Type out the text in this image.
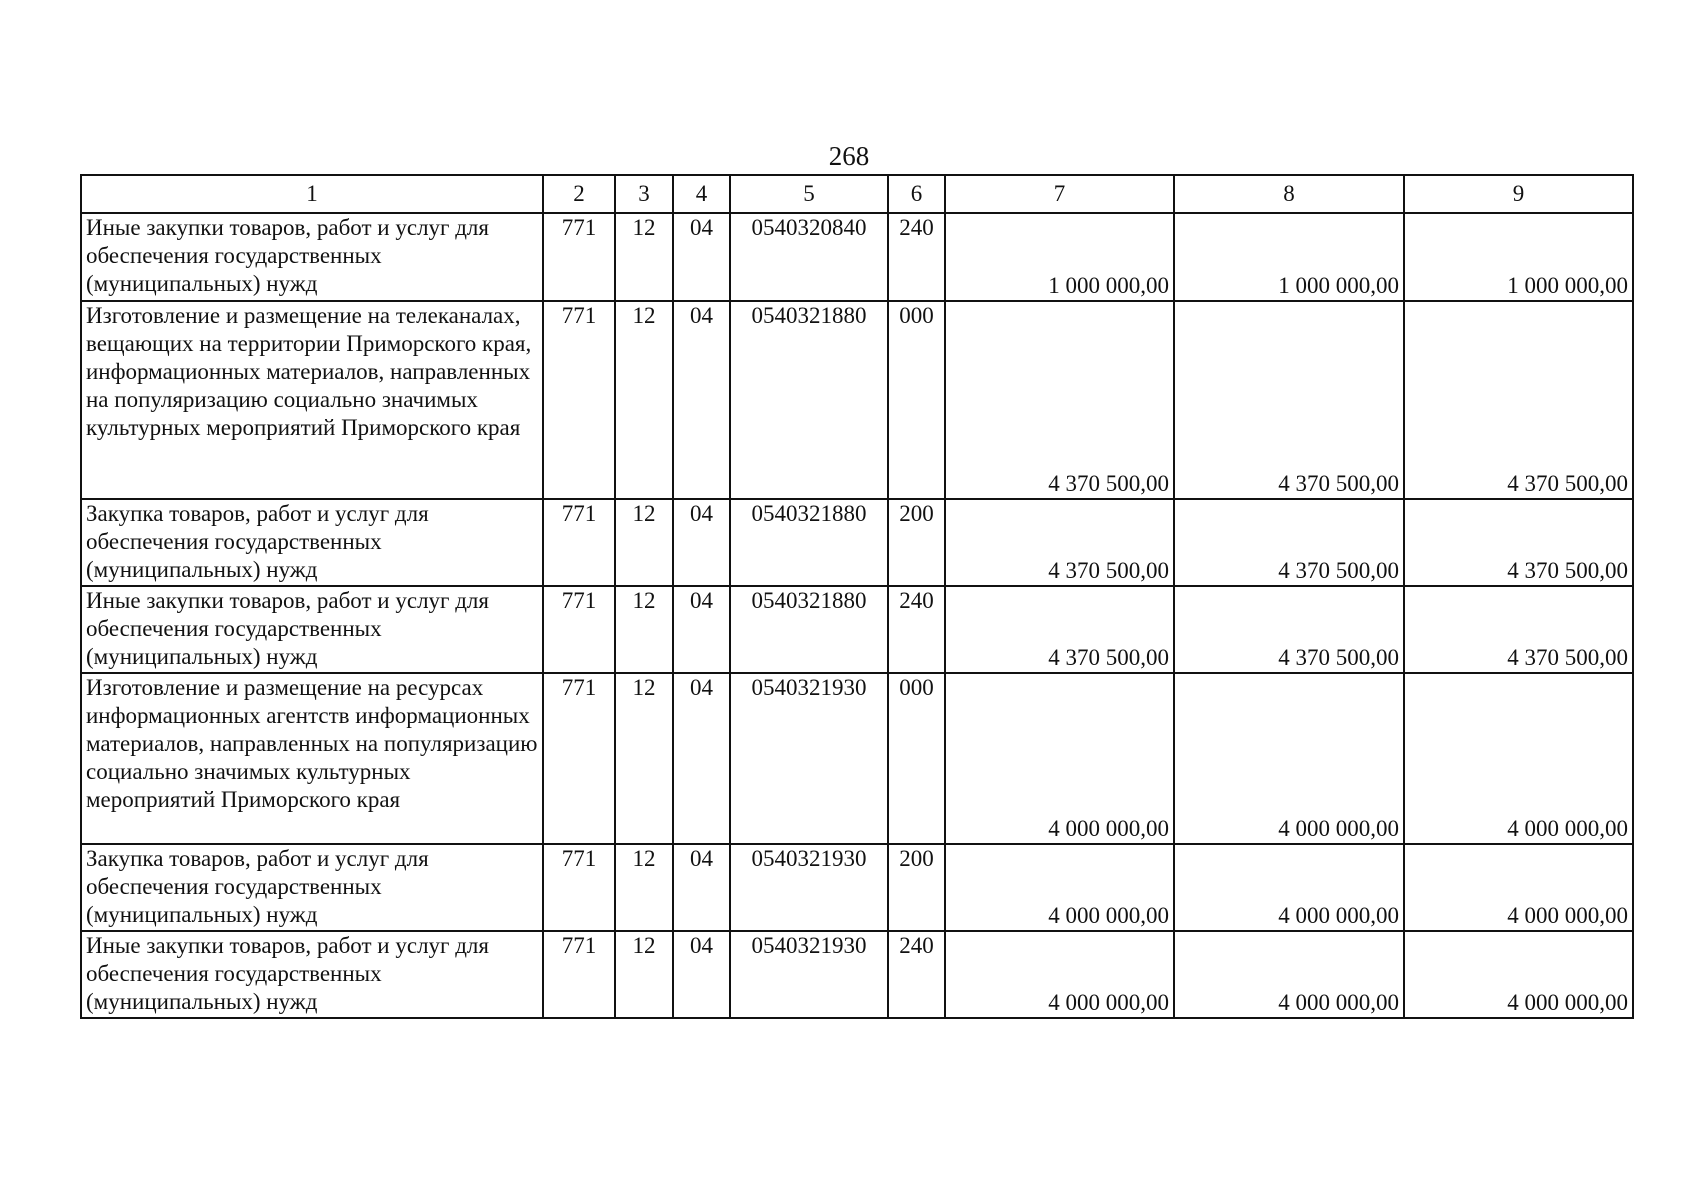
268
1	2	3	4	5	6	7	8	9
Иные закупки товаров, работ и услуг для обеспечения государственных (муниципальных) нужд	771	12	04	0540320840	240	1 000 000,00	1 000 000,00	1 000 000,00
Изготовление и размещение на телеканалах, вещающих на территории Приморского края, информационных материалов, направленных на популяризацию социально значимых культурных мероприятий Приморского края	771	12	04	0540321880	000	4 370 500,00	4 370 500,00	4 370 500,00
Закупка товаров, работ и услуг для обеспечения государственных (муниципальных) нужд	771	12	04	0540321880	200	4 370 500,00	4 370 500,00	4 370 500,00
Иные закупки товаров, работ и услуг для обеспечения государственных (муниципальных) нужд	771	12	04	0540321880	240	4 370 500,00	4 370 500,00	4 370 500,00
Изготовление и размещение на ресурсах информационных агентств информационных материалов, направленных на популяризацию социально значимых культурных мероприятий Приморского края	771	12	04	0540321930	000	4 000 000,00	4 000 000,00	4 000 000,00
Закупка товаров, работ и услуг для обеспечения государственных (муниципальных) нужд	771	12	04	0540321930	200	4 000 000,00	4 000 000,00	4 000 000,00
Иные закупки товаров, работ и услуг для обеспечения государственных (муниципальных) нужд	771	12	04	0540321930	240	4 000 000,00	4 000 000,00	4 000 000,00
